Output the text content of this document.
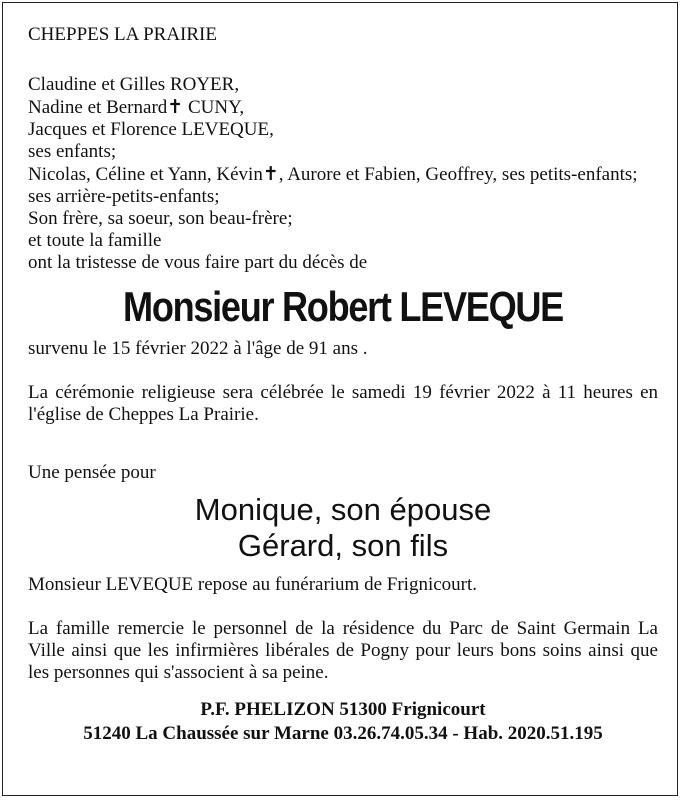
CHEPPES LA PRAIRIE

Claudine et Gilles ROYER,

Nadine et Bernard✝ CUNY,

Jacques et Florence LEVEQUE,

ses enfants;

Nicolas, Céline et Yann, Kévin✝, Aurore et Fabien, Geoffrey, ses petits-enfants;

ses arrière-petits-enfants;

Son frère, sa soeur, son beau-frère;

et toute la famille

ont la tristesse de vous faire part du décès de

Monsieur Robert LEVEQUE

survenu le 15 février 2022 à l'âge de 91 ans .

La cérémonie religieuse sera célébrée le samedi 19 février 2022 à 11 heures en l'église de Cheppes La Prairie.

Une pensée pour

Monique, son épouse
Gérard, son fils

Monsieur LEVEQUE repose au funérarium de Frignicourt.

La famille remercie le personnel de la résidence du Parc de Saint Germain La Ville ainsi que les infirmières libérales de Pogny pour leurs bons soins ainsi que les personnes qui s'associent à sa peine.

P.F. PHELIZON 51300 Frignicourt

51240 La Chaussée sur Marne 03.26.74.05.34 - Hab. 2020.51.195
